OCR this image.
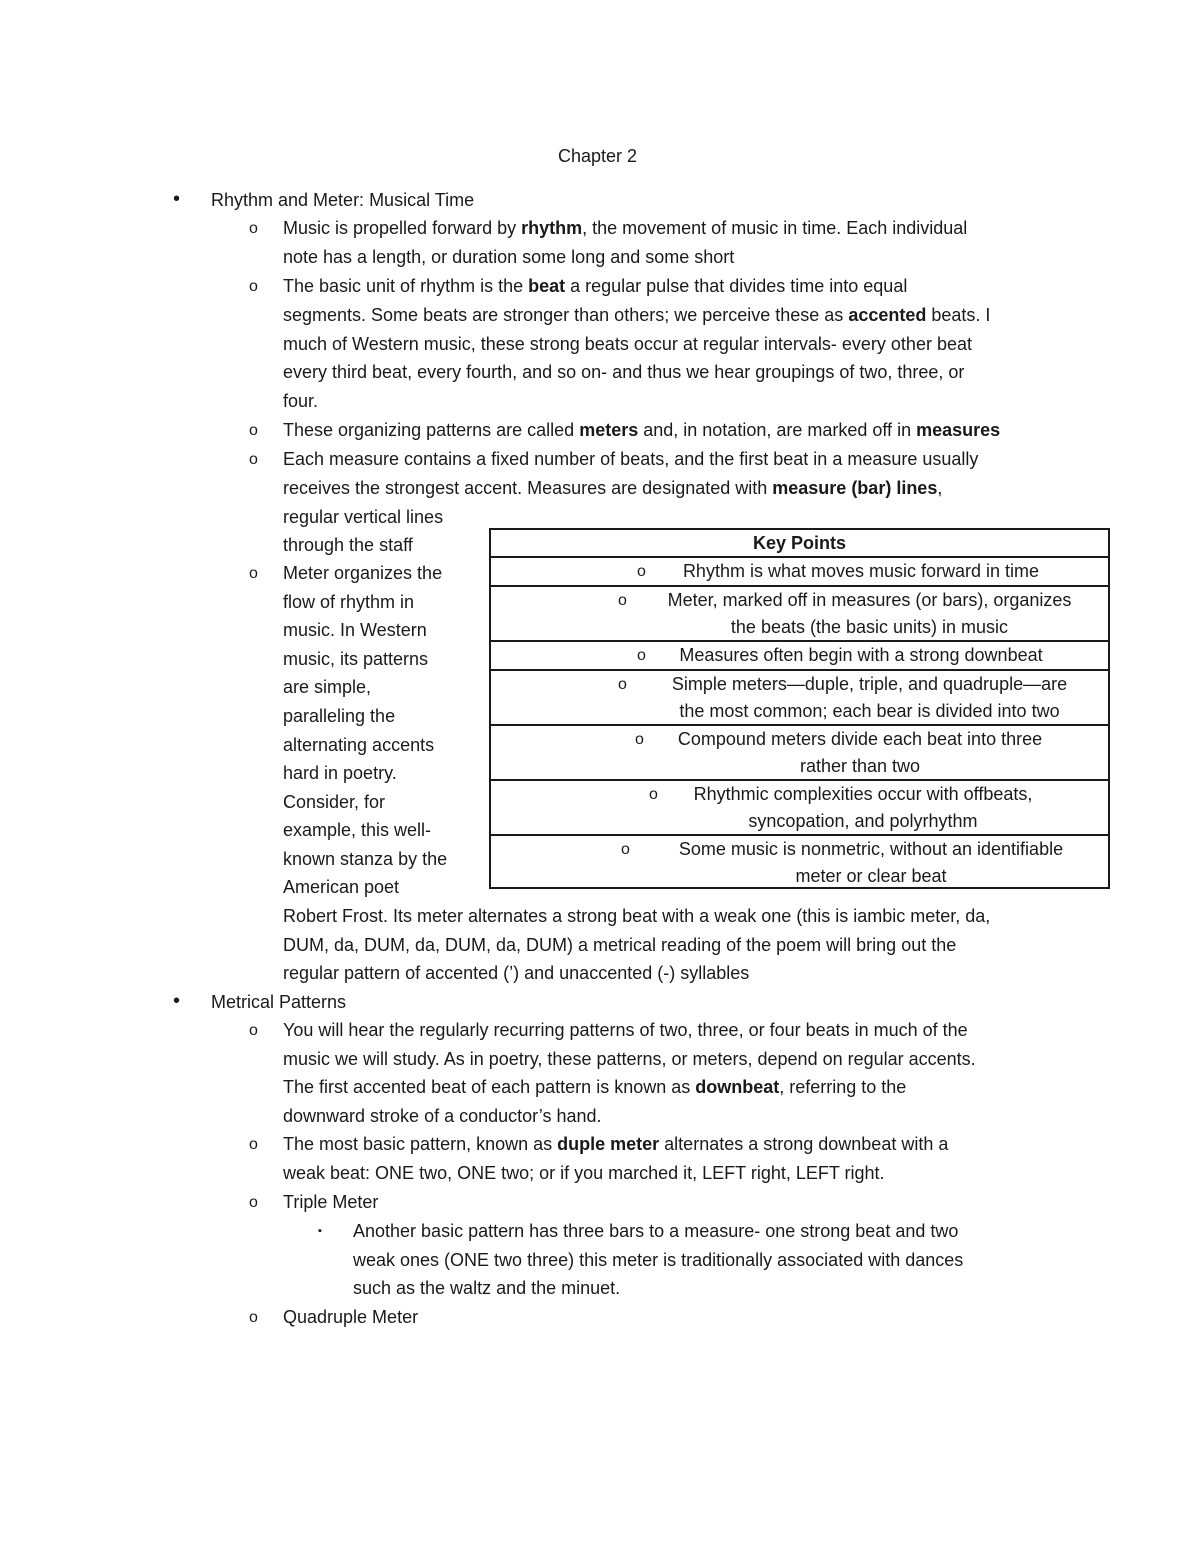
Chapter 2
• Rhythm and Meter: Musical Time
o Music is propelled forward by rhythm, the movement of music in time. Each individual
note has a length, or duration some long and some short
o The basic unit of rhythm is the beat a regular pulse that divides time into equal
segments. Some beats are stronger than others; we perceive these as accented beats. I
much of Western music, these strong beats occur at regular intervals- every other beat
every third beat, every fourth, and so on- and thus we hear groupings of two, three, or
four.
o These organizing patterns are called meters and, in notation, are marked off in measures
o Each measure contains a fixed number of beats, and the first beat in a measure usually
receives the strongest accent. Measures are designated with measure (bar) lines,
regular vertical lines
through the staff
o Meter organizes the
flow of rhythm in
music. In Western
music, its patterns
are simple,
paralleling the
alternating accents
hard in poetry.
Consider, for
example, this well-
known stanza by the
American poet
Robert Frost. Its meter alternates a strong beat with a weak one (this is iambic meter, da,
DUM, da, DUM, da, DUM, da, DUM) a metrical reading of the poem will bring out the
regular pattern of accented (’) and unaccented (-) syllables
• Metrical Patterns
o You will hear the regularly recurring patterns of two, three, or four beats in much of the
music we will study. As in poetry, these patterns, or meters, depend on regular accents.
The first accented beat of each pattern is known as downbeat, referring to the
downward stroke of a conductor’s hand.
o The most basic pattern, known as duple meter alternates a strong downbeat with a
weak beat: ONE two, ONE two; or if you marched it, LEFT right, LEFT right.
o Triple Meter
▪ Another basic pattern has three bars to a measure- one strong beat and two
weak ones (ONE two three) this meter is traditionally associated with dances
such as the waltz and the minuet.
o Quadruple Meter
Key Points
o	Rhythm is what moves music forward in time
o	Meter, marked off in measures (or bars), organizes
the beats (the basic units) in music
o	Measures often begin with a strong downbeat
o	Simple meters—duple, triple, and quadruple—are
the most common; each bear is divided into two
o	Compound meters divide each beat into three
rather than two
o	Rhythmic complexities occur with offbeats,
syncopation, and polyrhythm
o	Some music is nonmetric, without an identifiable
meter or clear beat
